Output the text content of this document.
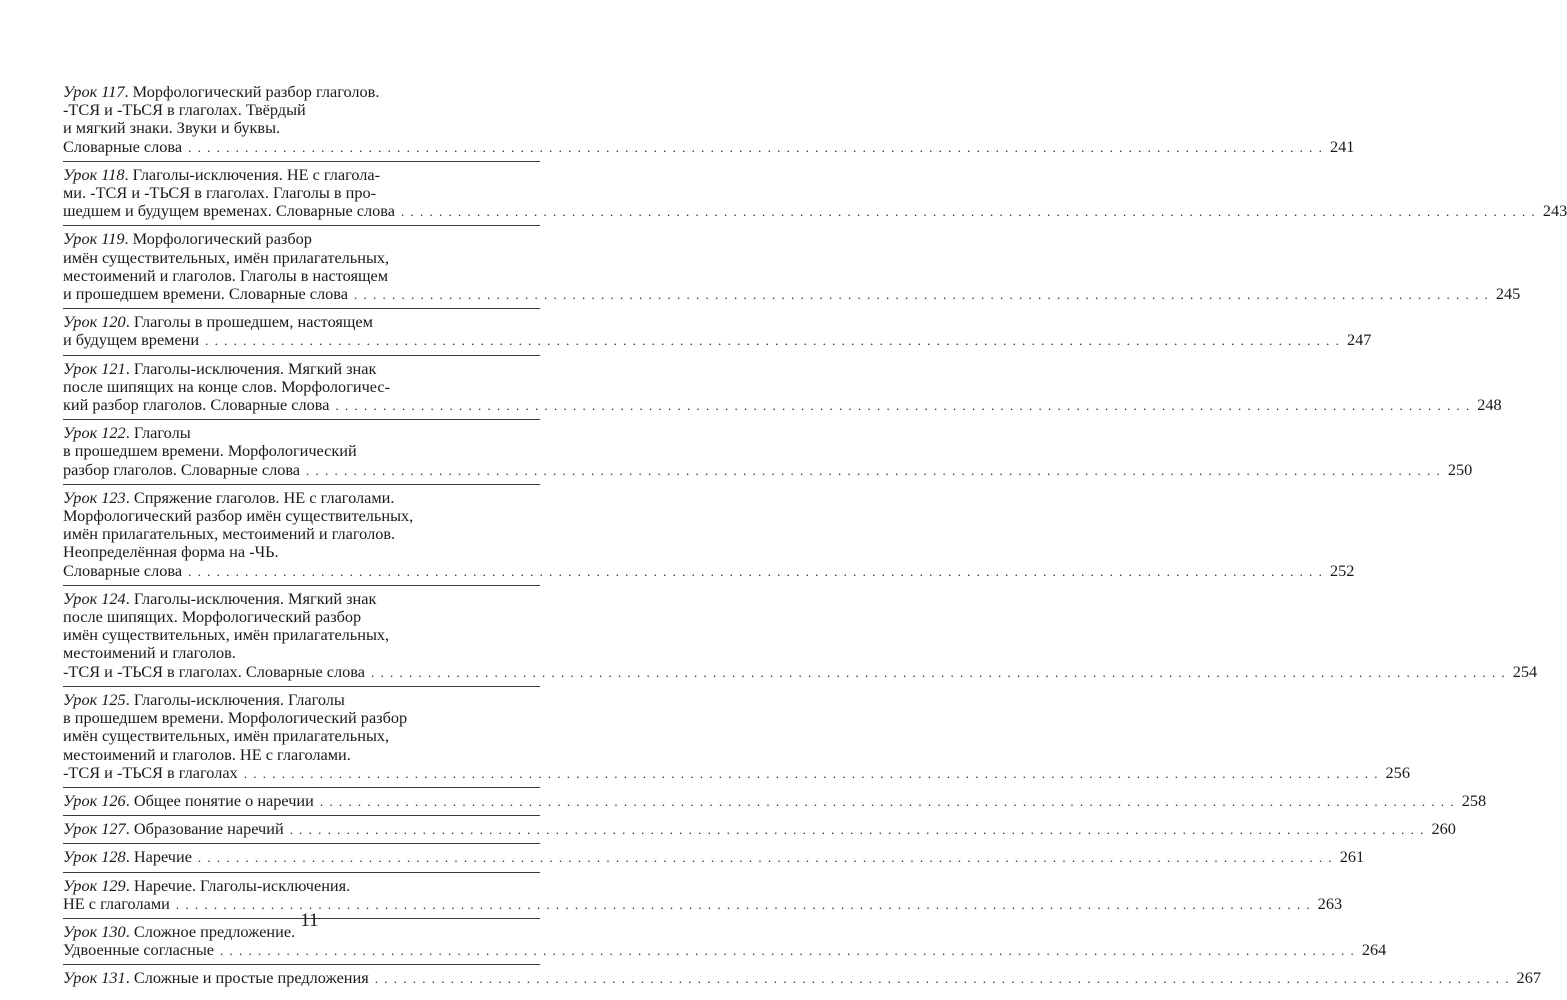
Урок 117. Морфологический разбор глаголов.
-ТСЯ и -ТЬСЯ в глаголах. Твёрдый
и мягкий знаки. Звуки и буквы.
Словарные слова . . . . . . . . . . . . . . . . . . . . . . . . . . . . . . . . . . . . . . . . . . . . . . . . . . . . . . . . . . . . . . . . . . . . . . . . . . . . . . . . . . . . . . . . . . . . . . . . . . . . . . . . . . . . . . . . . . . . . . . . 241
Урок 118. Глаголы-исключения. НЕ с глагола-
ми. -ТСЯ и -ТЬСЯ в глаголах. Глаголы в про-
шедшем и будущем временах. Словарные слова . . . . . . . . . . . . . . . . . . . . . . . . . . . . . . . . . . . . . . . . . . . . . . . . . . . . . . . . . . . . . . . . . . . . . . . . . . . . . . . . . . . . . . . . . . . . . . . . . . . . . . . . . . . . . . . . . . . . . . . . 243
Урок 119. Морфологический разбор
имён существительных, имён прилагательных,
местоимений и глаголов. Глаголы в настоящем
и прошедшем времени. Словарные слова . . . . . . . . . . . . . . . . . . . . . . . . . . . . . . . . . . . . . . . . . . . . . . . . . . . . . . . . . . . . . . . . . . . . . . . . . . . . . . . . . . . . . . . . . . . . . . . . . . . . . . . . . . . . . . . . . . . . . . . . 245
Урок 120. Глаголы в прошедшем, настоящем
и будущем времени . . . . . . . . . . . . . . . . . . . . . . . . . . . . . . . . . . . . . . . . . . . . . . . . . . . . . . . . . . . . . . . . . . . . . . . . . . . . . . . . . . . . . . . . . . . . . . . . . . . . . . . . . . . . . . . . . . . . . . . . 247
Урок 121. Глаголы-исключения. Мягкий знак
после шипящих на конце слов. Морфологичес-
кий разбор глаголов. Словарные слова . . . . . . . . . . . . . . . . . . . . . . . . . . . . . . . . . . . . . . . . . . . . . . . . . . . . . . . . . . . . . . . . . . . . . . . . . . . . . . . . . . . . . . . . . . . . . . . . . . . . . . . . . . . . . . . . . . . . . . . . 248
Урок 122. Глаголы
в прошедшем времени. Морфологический
разбор глаголов. Словарные слова . . . . . . . . . . . . . . . . . . . . . . . . . . . . . . . . . . . . . . . . . . . . . . . . . . . . . . . . . . . . . . . . . . . . . . . . . . . . . . . . . . . . . . . . . . . . . . . . . . . . . . . . . . . . . . . . . . . . . . . . 250
Урок 123. Спряжение глаголов. НЕ с глаголами.
Морфологический разбор имён существительных,
имён прилагательных, местоимений и глаголов.
Неопределённая форма на -ЧЬ.
Словарные слова . . . . . . . . . . . . . . . . . . . . . . . . . . . . . . . . . . . . . . . . . . . . . . . . . . . . . . . . . . . . . . . . . . . . . . . . . . . . . . . . . . . . . . . . . . . . . . . . . . . . . . . . . . . . . . . . . . . . . . . . 252
Урок 124. Глаголы-исключения. Мягкий знак
после шипящих. Морфологический разбор
имён существительных, имён прилагательных,
местоимений и глаголов.
-ТСЯ и -ТЬСЯ в глаголах. Словарные слова . . . . . . . . . . . . . . . . . . . . . . . . . . . . . . . . . . . . . . . . . . . . . . . . . . . . . . . . . . . . . . . . . . . . . . . . . . . . . . . . . . . . . . . . . . . . . . . . . . . . . . . . . . . . . . . . . . . . . . . . 254
Урок 125. Глаголы-исключения. Глаголы
в прошедшем времени. Морфологический разбор
имён существительных, имён прилагательных,
местоимений и глаголов. НЕ с глаголами.
-ТСЯ и -ТЬСЯ в глаголах . . . . . . . . . . . . . . . . . . . . . . . . . . . . . . . . . . . . . . . . . . . . . . . . . . . . . . . . . . . . . . . . . . . . . . . . . . . . . . . . . . . . . . . . . . . . . . . . . . . . . . . . . . . . . . . . . . . . . . . . 256
Урок 126. Общее понятие о наречии . . . . . . . . . . . . . . . . . . . . . . . . . . . . . . . . . . . . . . . . . . . . . . . . . . . . . . . . . . . . . . . . . . . . . . . . . . . . . . . . . . . . . . . . . . . . . . . . . . . . . . . . . . . . . . . . . . . . . . . . 258
Урок 127. Образование наречий . . . . . . . . . . . . . . . . . . . . . . . . . . . . . . . . . . . . . . . . . . . . . . . . . . . . . . . . . . . . . . . . . . . . . . . . . . . . . . . . . . . . . . . . . . . . . . . . . . . . . . . . . . . . . . . . . . . . . . . . 260
Урок 128. Наречие . . . . . . . . . . . . . . . . . . . . . . . . . . . . . . . . . . . . . . . . . . . . . . . . . . . . . . . . . . . . . . . . . . . . . . . . . . . . . . . . . . . . . . . . . . . . . . . . . . . . . . . . . . . . . . . . . . . . . . . . 261
Урок 129. Наречие. Глаголы-исключения.
НЕ с глаголами . . . . . . . . . . . . . . . . . . . . . . . . . . . . . . . . . . . . . . . . . . . . . . . . . . . . . . . . . . . . . . . . . . . . . . . . . . . . . . . . . . . . . . . . . . . . . . . . . . . . . . . . . . . . . . . . . . . . . . . . 263
Урок 130. Сложное предложение.
Удвоенные согласные . . . . . . . . . . . . . . . . . . . . . . . . . . . . . . . . . . . . . . . . . . . . . . . . . . . . . . . . . . . . . . . . . . . . . . . . . . . . . . . . . . . . . . . . . . . . . . . . . . . . . . . . . . . . . . . . . . . . . . . . 264
Урок 131. Сложные и простые предложения . . . . . . . . . . . . . . . . . . . . . . . . . . . . . . . . . . . . . . . . . . . . . . . . . . . . . . . . . . . . . . . . . . . . . . . . . . . . . . . . . . . . . . . . . . . . . . . . . . . . . . . . . . . . . . . . . . . . . . . . 267
11
